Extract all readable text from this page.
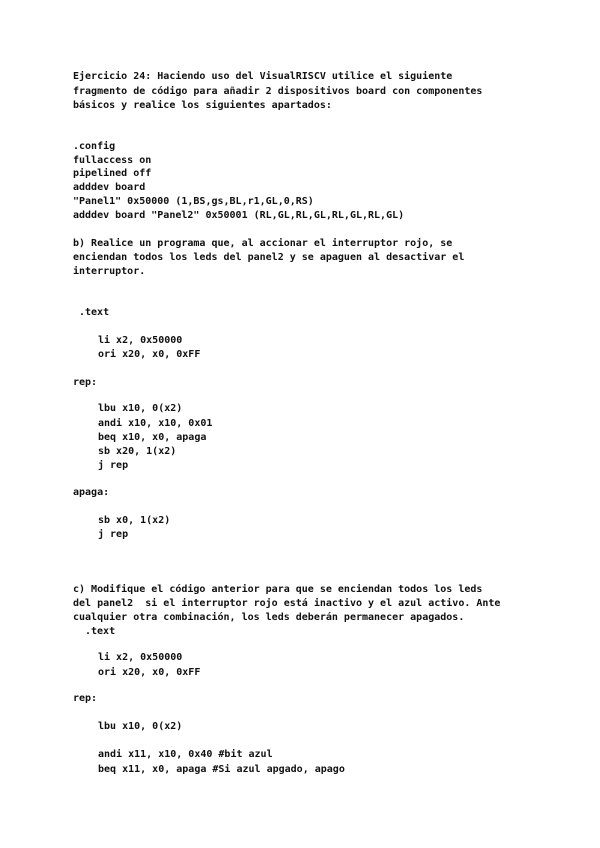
Ejercicio 24: Haciendo uso del VisualRISCV utilice el siguiente
fragmento de código para añadir 2 dispositivos board con componentes
básicos y realice los siguientes apartados:
.config
fullaccess on
pipelined off
adddev board
"Panel1" 0x50000 (1,BS,gs,BL,r1,GL,0,RS)
adddev board "Panel2" 0x50001 (RL,GL,RL,GL,RL,GL,RL,GL)
b) Realice un programa que, al accionar el interruptor rojo, se
enciendan todos los leds del panel2 y se apaguen al desactivar el
interruptor.
.text
li x2, 0x50000
ori x20, x0, 0xFF
rep:
lbu x10, 0(x2)
andi x10, x10, 0x01
beq x10, x0, apaga
sb x20, 1(x2)
j rep
apaga:
sb x0, 1(x2)
j rep
c) Modifique el código anterior para que se enciendan todos los leds
del panel2  si el interruptor rojo está inactivo y el azul activo. Ante
cualquier otra combinación, los leds deberán permanecer apagados.
.text
li x2, 0x50000
ori x20, x0, 0xFF
rep:
lbu x10, 0(x2)
andi x11, x10, 0x40 #bit azul
beq x11, x0, apaga #Si azul apgado, apago
